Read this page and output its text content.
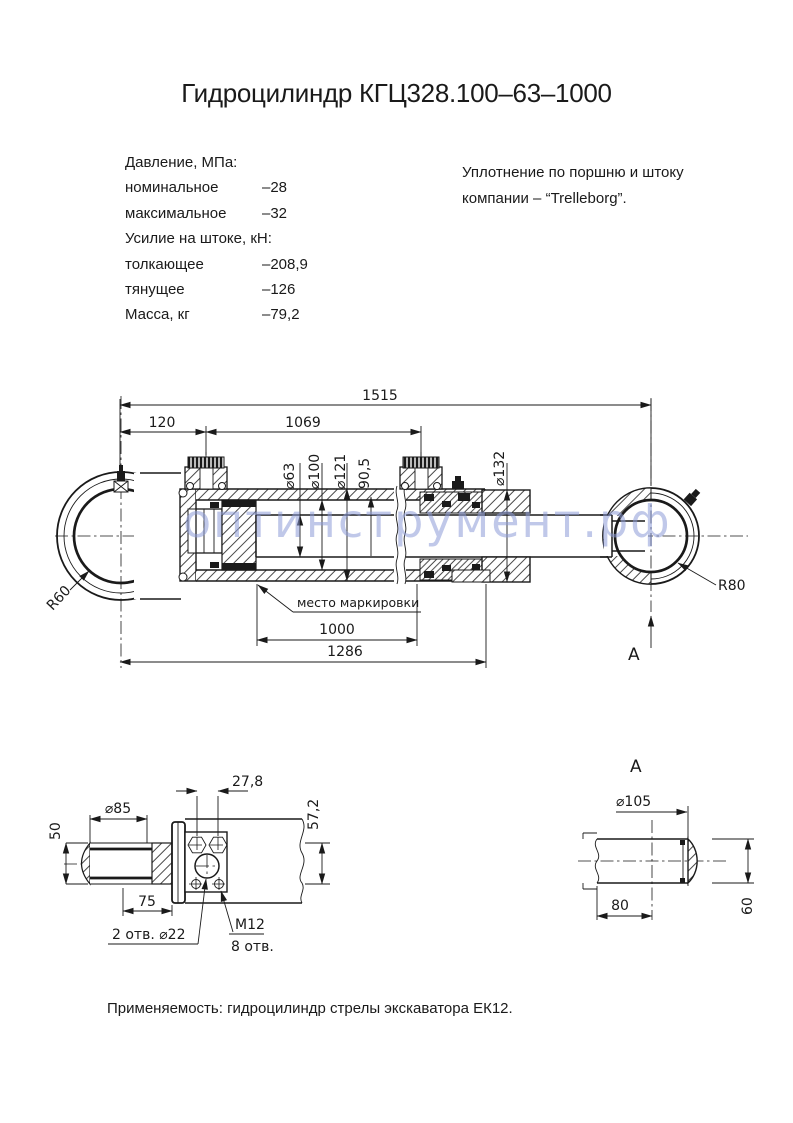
Гидроцилиндр КГЦ328.100–63–1000
Давление, МПа:
номинальное	–28
максимальное	–32
Усилие на штоке, кН:
толкающее	–208,9
тянущее	–126
Масса, кг	–79,2
Уплотнение по поршню и штоку
компании – “Trelleborg”.
Применяемость: гидроцилиндр стрелы экскаватора ЕК12.
1515
120	1069
⌀63 ⌀100 ⌀121 90,5	⌀132
1000
1286
место маркировки
R60	R80
А
⌀85
50
75
27,8
57,2
2 отв. ⌀22
М12
8 отв.
А
⌀105
80	60
оптинструмент.рф
